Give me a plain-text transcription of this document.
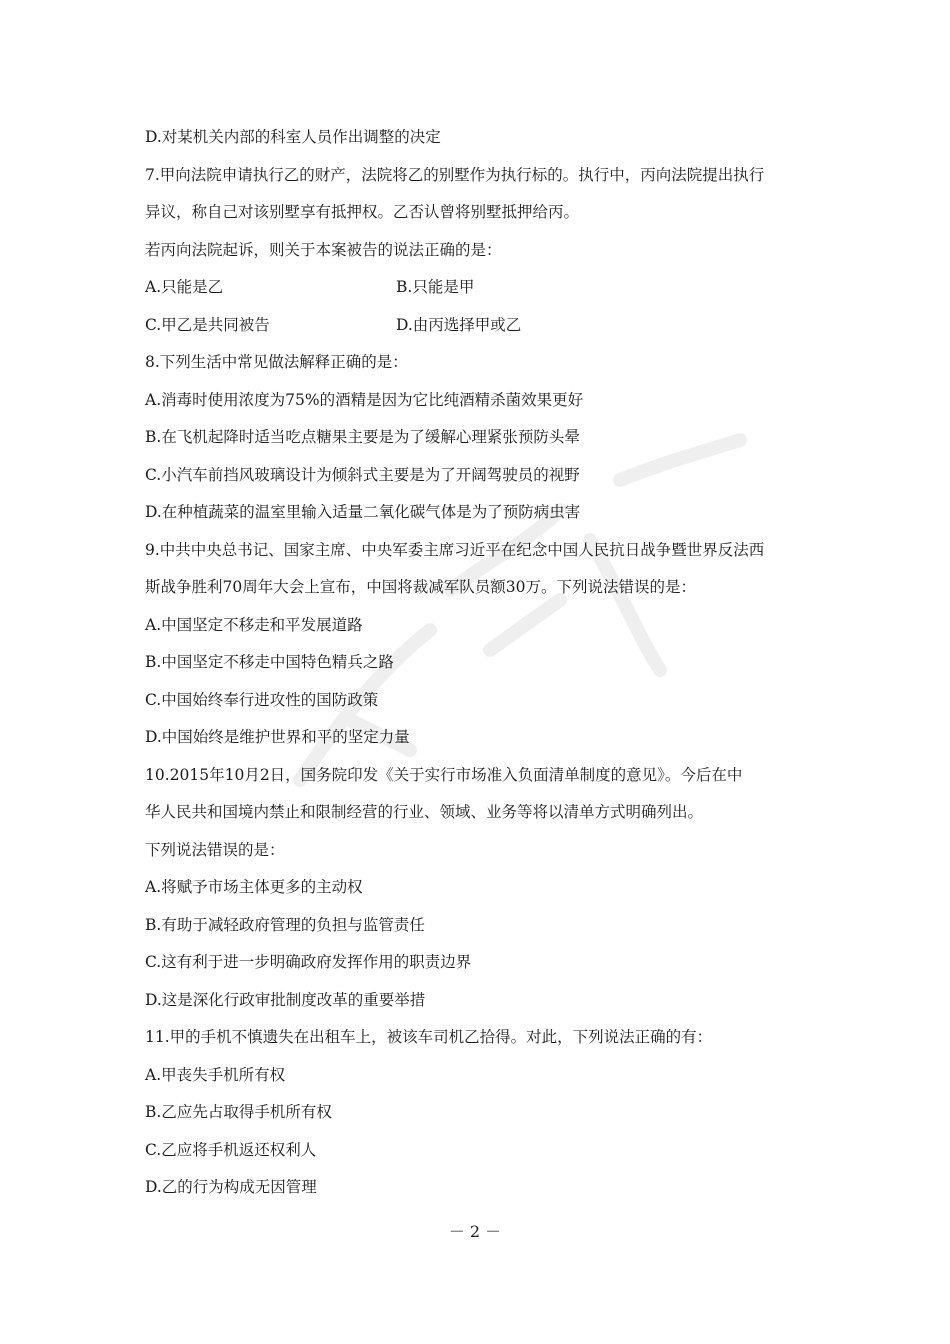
D.对某机关内部的科室人员作出调整的决定
7.甲向法院申请执行乙的财产，法院将乙的别墅作为执行标的。执行中，丙向法院提出执行
异议，称自己对该别墅享有抵押权。乙否认曾将别墅抵押给丙。
若丙向法院起诉，则关于本案被告的说法正确的是：
A.只能是乙	B.只能是甲
C.甲乙是共同被告	D.由丙选择甲或乙
8.下列生活中常见做法解释正确的是：
A.消毒时使用浓度为75%的酒精是因为它比纯酒精杀菌效果更好
B.在飞机起降时适当吃点糖果主要是为了缓解心理紧张预防头晕
C.小汽车前挡风玻璃设计为倾斜式主要是为了开阔驾驶员的视野
D.在种植蔬菜的温室里输入适量二氧化碳气体是为了预防病虫害
9.中共中央总书记、国家主席、中央军委主席习近平在纪念中国人民抗日战争暨世界反法西
斯战争胜利70周年大会上宣布，中国将裁减军队员额30万。下列说法错误的是：
A.中国坚定不移走和平发展道路
B.中国坚定不移走中国特色精兵之路
C.中国始终奉行进攻性的国防政策
D.中国始终是维护世界和平的坚定力量
10.2015年10月2日，国务院印发《关于实行市场准入负面清单制度的意见》。今后在中
华人民共和国境内禁止和限制经营的行业、领域、业务等将以清单方式明确列出。
下列说法错误的是：
A.将赋予市场主体更多的主动权
B.有助于减轻政府管理的负担与监管责任
C.这有利于进一步明确政府发挥作用的职责边界
D.这是深化行政审批制度改革的重要举措
11.甲的手机不慎遗失在出租车上，被该车司机乙拾得。对此，下列说法正确的有：
A.甲丧失手机所有权
B.乙应先占取得手机所有权
C.乙应将手机返还权利人
D.乙的行为构成无因管理
－ 2 －
